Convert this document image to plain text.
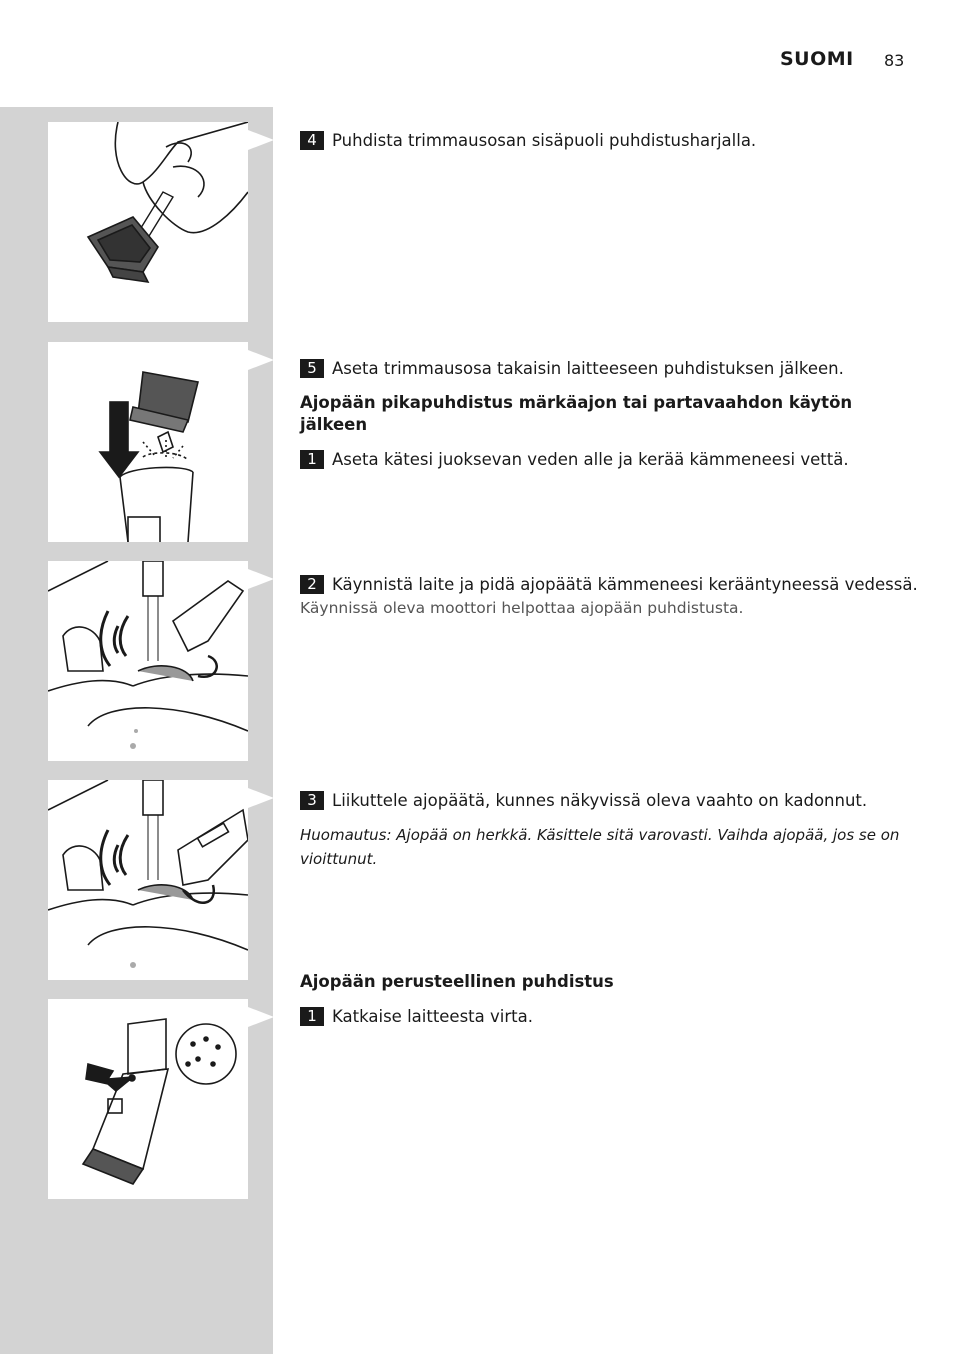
SUOMI 83
4 Puhdista trimmausosan sisäpuoli puhdistusharjalla.
5 Aseta trimmausosa takaisin laitteeseen puhdistuksen jälkeen.
Ajopään pikapuhdistus märkäajon tai partavaahdon käytön jälkeen
1 Aseta kätesi juoksevan veden alle ja kerää kämmeneesi vettä.
2 Käynnistä laite ja pidä ajopäätä kämmeneesi kerääntyneessä vedessä.
Käynnissä oleva moottori helpottaa ajopään puhdistusta.
3 Liikuttele ajopäätä, kunnes näkyvissä oleva vaahto on kadonnut.
Huomautus: Ajopää on herkkä. Käsittele sitä varovasti. Vaihda ajopää, jos se on vioittunut.
Ajopään perusteellinen puhdistus
1 Katkaise laitteesta virta.
